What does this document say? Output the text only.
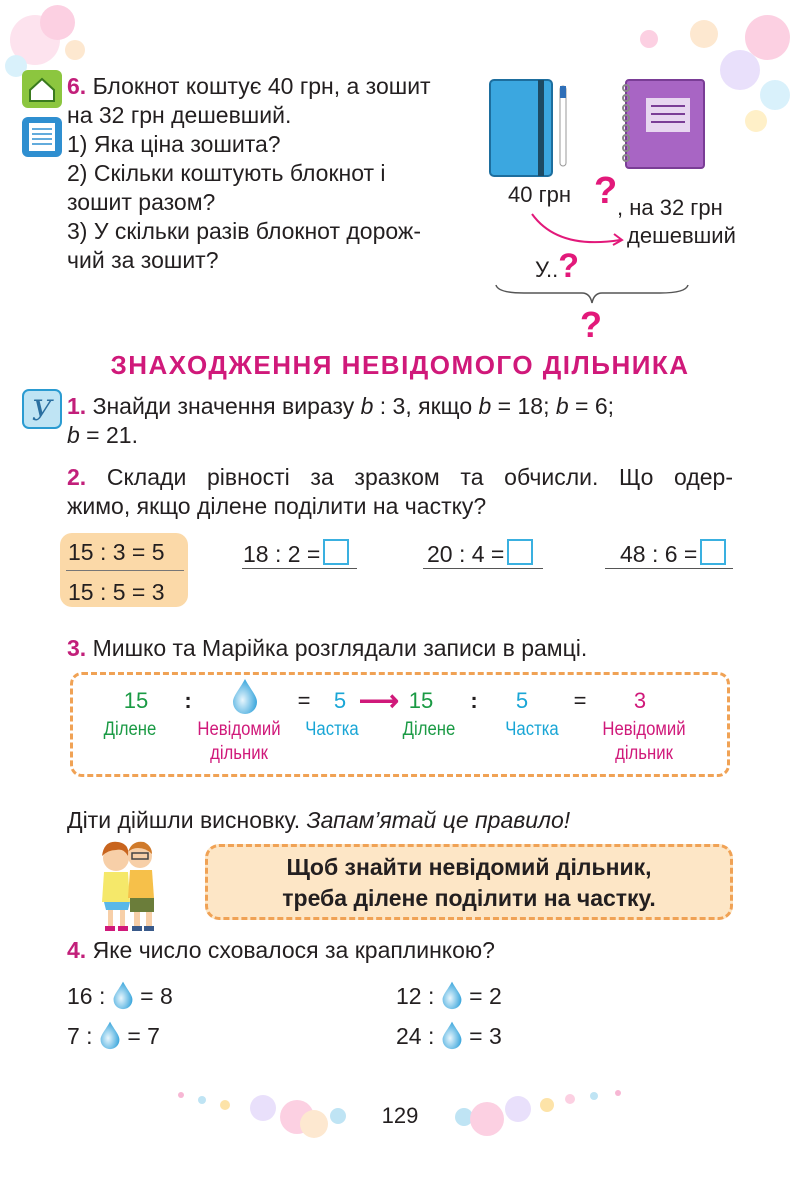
6. Блокнот коштує 40 грн, а зошит

на 32 грн дешевший.

1) Яка ціна зошита?

2) Скільки коштують блокнот і

зошит разом?

3) У скільки разів блокнот дорож-

чий за зошит?

40 грн ? , на 32 грн
дешевший
У..?
?
ЗНАХОДЖЕННЯ НЕВІДОМОГО ДІЛЬНИКА
У 1. Знайди значення виразу b : 3, якщо b = 18; b = 6;
b = 21.
2. Склади рівності за зразком та обчисли. Що одер-
жимо, якщо ділене поділити на частку?
15 : 3 = 5
15 : 5 = 3
18 : 2 =	20 : 4 =	48 : 6 =
3. Мишко та Марійка розглядали записи в рамці.
15 :	= 5 ⟶ 15 : 5 = 3
Ділене	Невідомий
дільник
Частка	Ділене	Частка	Невідомий
дільник
Діти дійшли висновку. Запам’ятай це правило!
Щоб знайти невідомий дільник,
треба ділене поділити на частку.
4. Яке число сховалося за краплинкою?
16 : = 8	12 : = 2
7 : = 7	24 : = 3
129
